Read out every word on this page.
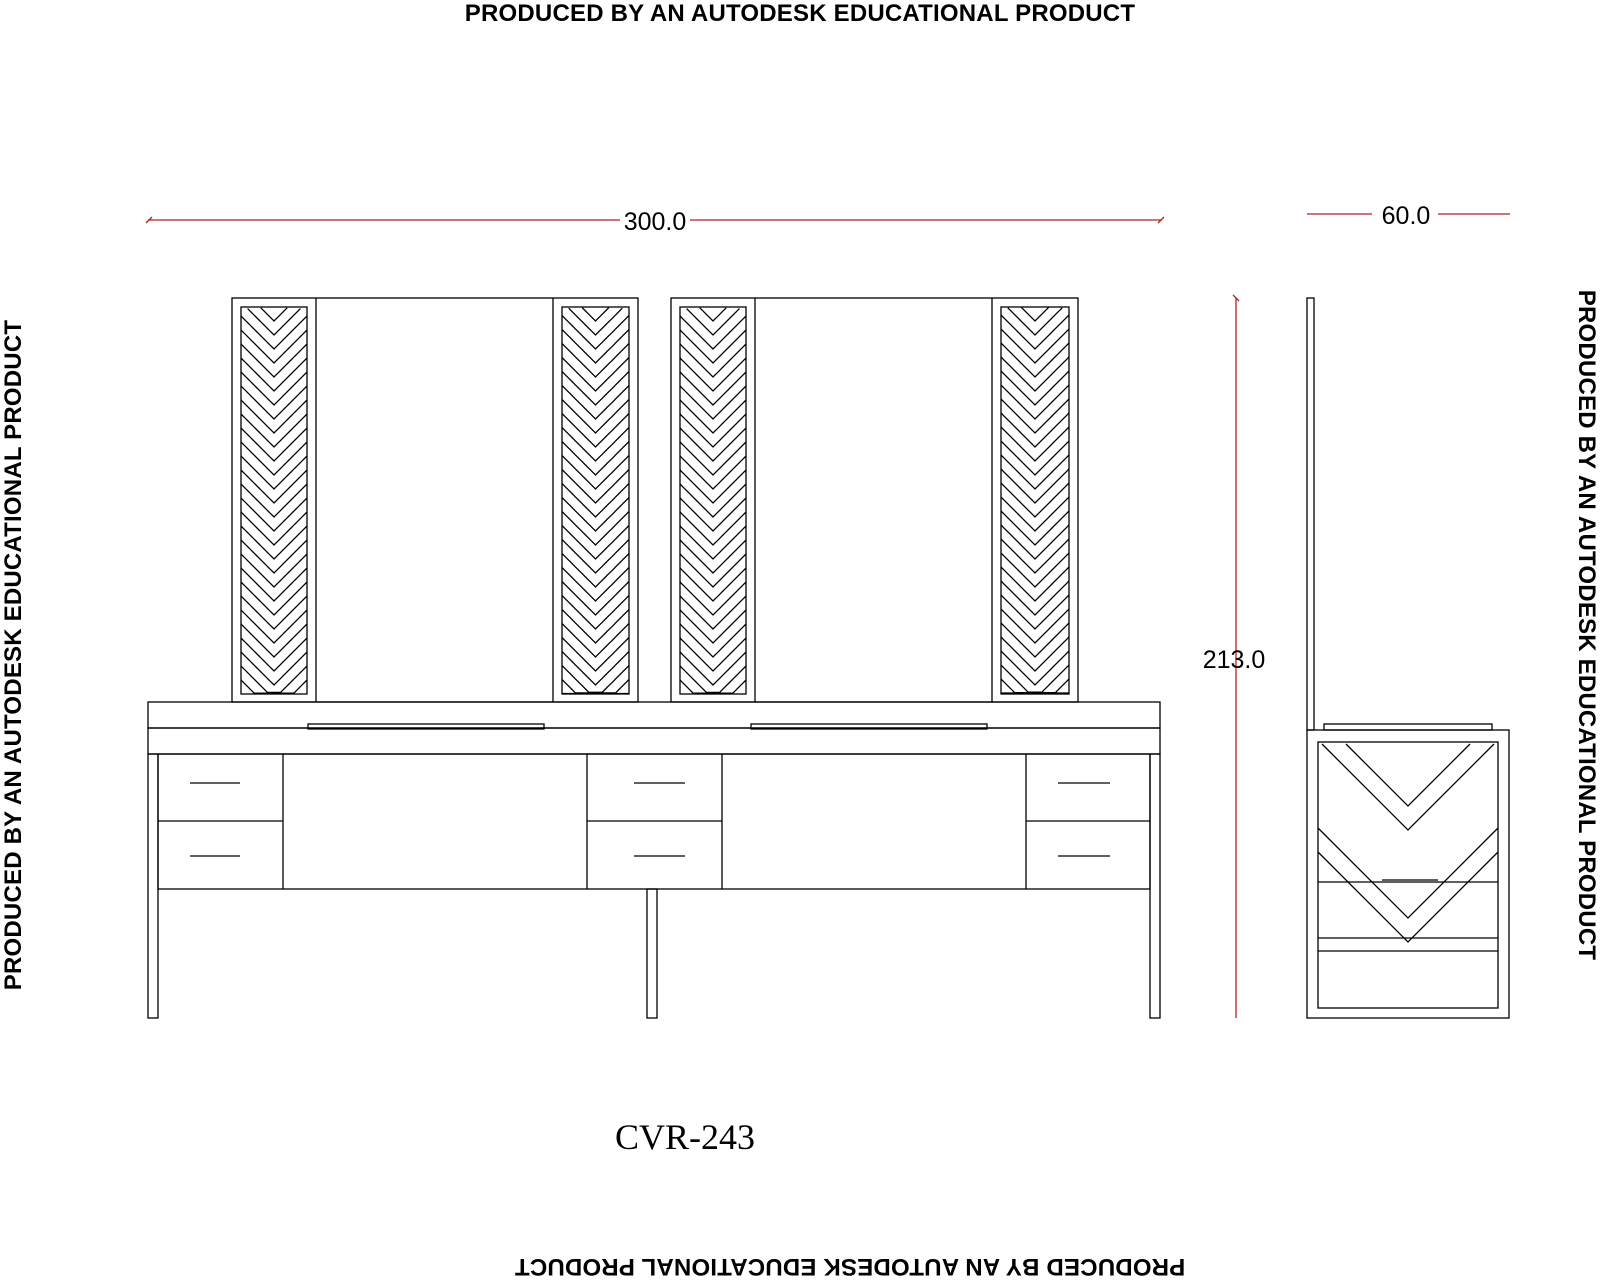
PRODUCED BY AN AUTODESK EDUCATIONAL PRODUCT
PRODUCED BY AN AUTODESK EDUCATIONAL PRODUCT	PRODUCED BY AN AUTODESK EDUCATIONAL PRODUCT
PRODUCED BY AN AUTODESK EDUCATIONAL PRODUCT
300.0	60.0
213.0
CVR-243
